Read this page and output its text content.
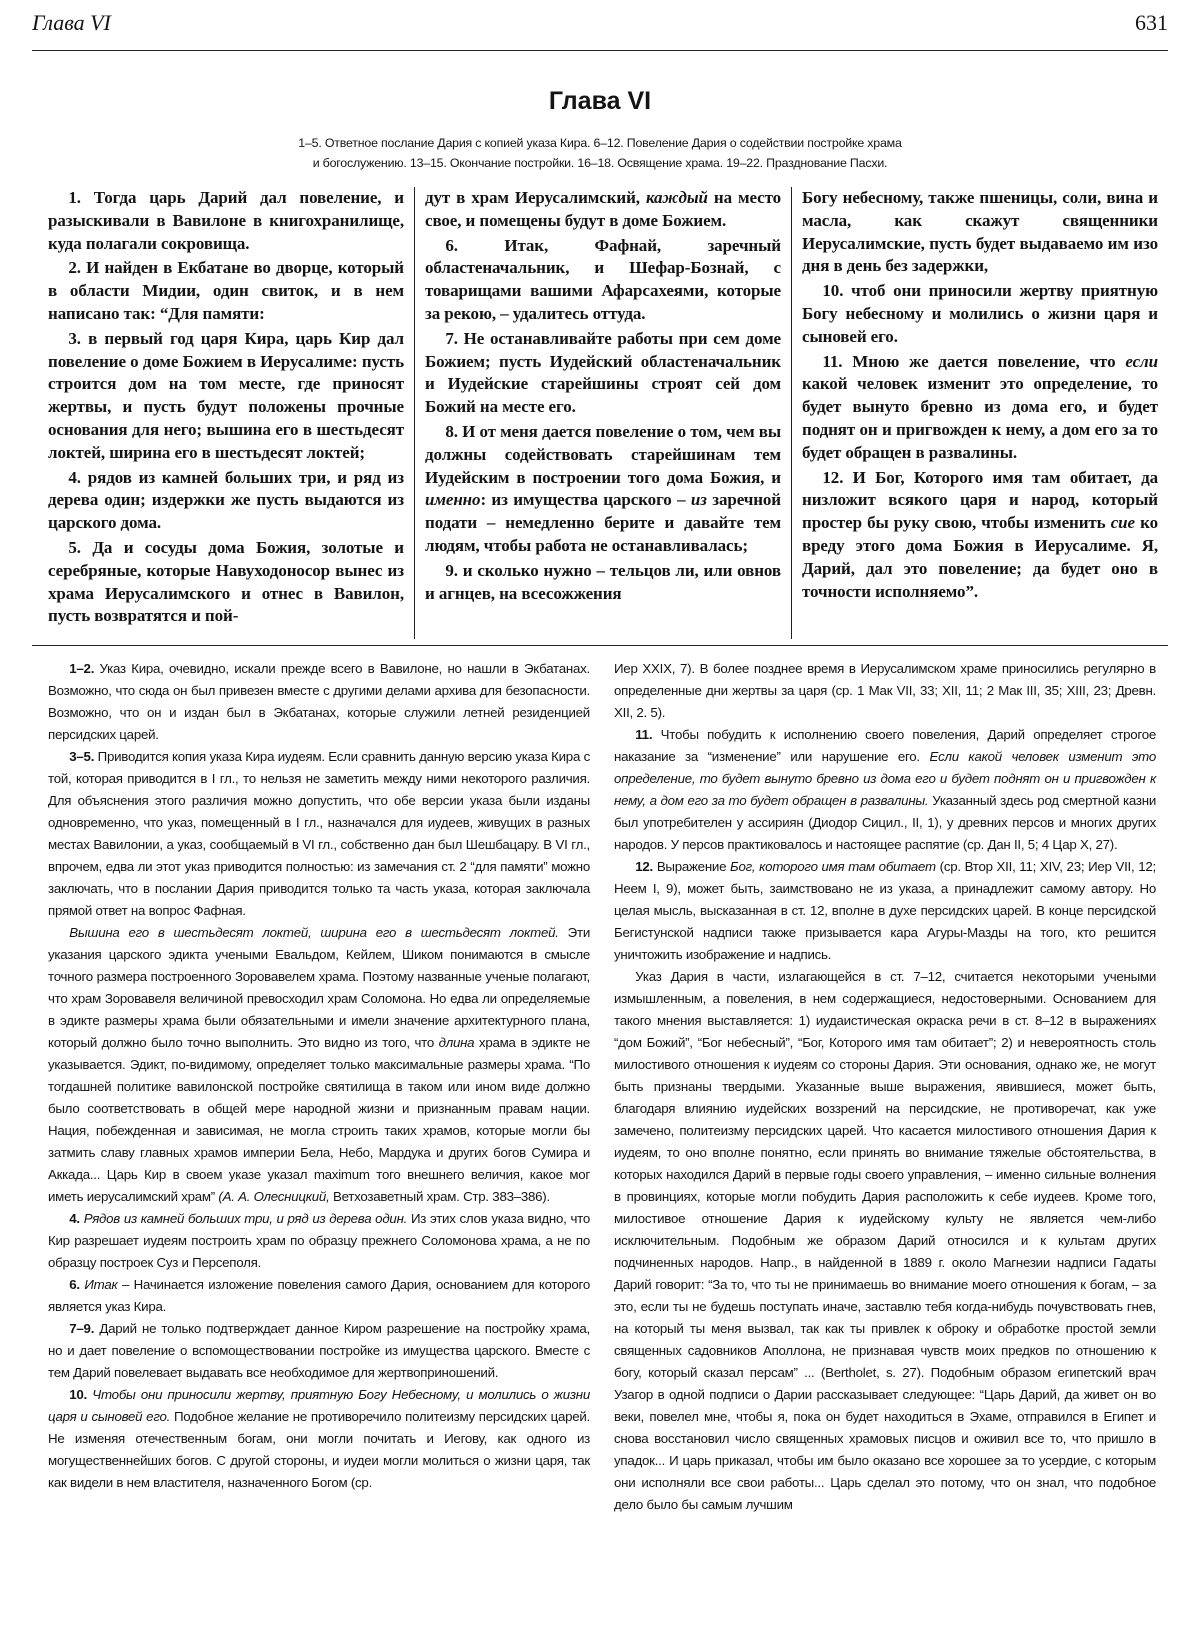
Глава VI	631
Глава VI
1–5. Ответное послание Дария с копией указа Кира. 6–12. Повеление Дария о содействии постройке храма
и богослужению. 13–15. Окончание постройки. 16–18. Освящение храма. 19–22. Празднование Пасхи.

1. Тогда царь Дарий дал повеление, и разыскивали в Вавилоне в книгохранилище, куда полагали сокровища.

2. И найден в Екбатане во дворце, который в области Мидии, один свиток, и в нем написано так: “Для памяти:

3. в первый год царя Кира, царь Кир дал повеление о доме Божием в Иерусалиме: пусть строится дом на том месте, где приносят жертвы, и пусть будут положены прочные основания для него; вышина его в шестьдесят локтей, ширина его в шестьдесят локтей;

4. рядов из камней больших три, и ряд из дерева один; издержки же пусть выдаются из царского дома.

5. Да и сосуды дома Божия, золотые и серебряные, которые Навуходоносор вынес из храма Иерусалимского и отнес в Вавилон, пусть возвратятся и пой-

дут в храм Иерусалимский, каждый на место свое, и помещены будут в доме Божием.

6. Итак, Фафнай, заречный областеначальник, и Шефар-Бознай, с товарищами вашими Афарсахеями, которые за рекою, – удалитесь оттуда.

7. Не останавливайте работы при сем доме Божием; пусть Иудейский областеначальник и Иудейские старейшины строят сей дом Божий на месте его.

8. И от меня дается повеление о том, чем вы должны содействовать старейшинам тем Иудейским в построении того дома Божия, и именно: из имущества царского – из заречной подати – немедленно берите и давайте тем людям, чтобы работа не останавливалась;

9. и сколько нужно – тельцов ли, или овнов и агнцев, на всесожжения

Богу небесному, также пшеницы, соли, вина и масла, как скажут священники Иерусалимские, пусть будет выдаваемо им изо дня в день без задержки,

10. чтоб они приносили жертву приятную Богу небесному и молились о жизни царя и сыновей его.

11. Мною же дается повеление, что если какой человек изменит это определение, то будет вынуто бревно из дома его, и будет поднят он и пригвожден к нему, а дом его за то будет обращен в развалины.

12. И Бог, Которого имя там обитает, да низложит всякого царя и народ, который простер бы руку свою, чтобы изменить сие ко вреду этого дома Божия в Иерусалиме. Я, Дарий, дал это повеление; да будет оно в точности исполняемо”.

1–2. Указ Кира, очевидно, искали прежде всего в Вавилоне, но нашли в Экбатанах. Возможно, что сюда он был привезен вместе с другими делами архива для безопасности. Возможно, что он и издан был в Экбатанах, которые служили летней резиденцией персидских царей.

3–5. Приводится копия указа Кира иудеям. Если сравнить данную версию указа Кира с той, которая приводится в I гл., то нельзя не заметить между ними некоторого различия. Для объяснения этого различия можно допустить, что обе версии указа были изданы одновременно, что указ, помещенный в I гл., назначался для иудеев, живущих в разных местах Вавилонии, а указ, сообщаемый в VI гл., собственно дан был Шешбацару. В VI гл., впрочем, едва ли этот указ приводится полностью: из замечания ст. 2 “для памяти” можно заключать, что в послании Дария приводится только та часть указа, которая заключала прямой ответ на вопрос Фафная.

Вышина его в шестьдесят локтей, ширина его в шестьдесят локтей. Эти указания царского эдикта учеными Евальдом, Кейлем, Шиком понимаются в смысле точного размера построенного Зоровавелем храма. Поэтому названные ученые полагают, что храм Зоровавеля величиной превосходил храм Соломона. Но едва ли определяемые в эдикте размеры храма были обязательными и имели значение архитектурного плана, который должно было точно выполнить. Это видно из того, что длина храма в эдикте не указывается. Эдикт, по-видимому, определяет только максимальные размеры храма. “По тогдашней политике вавилонской постройке святилища в таком или ином виде должно было соответствовать в общей мере народной жизни и признанным правам нации. Нация, побежденная и зависимая, не могла строить таких храмов, которые могли бы затмить славу главных храмов империи Бела, Небо, Мардука и других богов Сумира и Аккада... Царь Кир в своем указе указал maximum того внешнего величия, какое мог иметь иерусалимский храм” (А. А. Олесницкий, Ветхозаветный храм. Стр. 383–386).

4. Рядов из камней больших три, и ряд из дерева один. Из этих слов указа видно, что Кир разрешает иудеям построить храм по образцу прежнего Соломонова храма, а не по образцу построек Суз и Персеполя.

6. Итак – Начинается изложение повеления самого Дария, основанием для которого является указ Кира.

7–9. Дарий не только подтверждает данное Киром разрешение на постройку храма, но и дает повеление о вспомоществовании постройке из имущества царского. Вместе с тем Дарий повелевает выдавать все необходимое для жертвоприношений.

10. Чтобы они приносили жертву, приятную Богу Небесному, и молились о жизни царя и сыновей его. Подобное желание не противоречило политеизму персидских царей. Не изменяя отечественным богам, они могли почитать и Иегову, как одного из могущественнейших богов. С другой стороны, и иудеи могли молиться о жизни царя, так как видели в нем властителя, назначенного Богом (ср.

Иер XXIX, 7). В более позднее время в Иерусалимском храме приносились регулярно в определенные дни жертвы за царя (ср. 1 Мак VII, 33; XII, 11; 2 Мак III, 35; XIII, 23; Древн. XII, 2. 5).

11. Чтобы побудить к исполнению своего повеления, Дарий определяет строгое наказание за “изменение” или нарушение его. Если какой человек изменит это определение, то будет вынуто бревно из дома его и будет поднят он и пригвожден к нему, а дом его за то будет обращен в развалины. Указанный здесь род смертной казни был употребителен у ассириян (Диодор Сицил., II, 1), у древних персов и многих других народов. У персов практиковалось и настоящее распятие (ср. Дан II, 5; 4 Цар X, 27).

12. Выражение Бог, которого имя там обитает (ср. Втор XII, 11; XIV, 23; Иер VII, 12; Неем I, 9), может быть, заимствовано не из указа, а принадлежит самому автору. Но целая мысль, высказанная в ст. 12, вполне в духе персидских царей. В конце персидской Бегистунской надписи также призывается кара Агуры-Мазды на того, кто решится уничтожить изображение и надпись.

Указ Дария в части, излагающейся в ст. 7–12, считается некоторыми учеными измышленным, а повеления, в нем содержащиеся, недостоверными. Основанием для такого мнения выставляется: 1) иудаистическая окраска речи в ст. 8–12 в выражениях “дом Божий”, “Бог небесный”, “Бог, Которого имя там обитает”; 2) и невероятность столь милостивого отношения к иудеям со стороны Дария. Эти основания, однако же, не могут быть признаны твердыми. Указанные выше выражения, явившиеся, может быть, благодаря влиянию иудейских воззрений на персидские, не противоречат, как уже замечено, политеизму персидских царей. Что касается милостивого отношения Дария к иудеям, то оно вполне понятно, если принять во внимание тяжелые обстоятельства, в которых находился Дарий в первые годы своего управления, – именно сильные волнения в провинциях, которые могли побудить Дария расположить к себе иудеев. Кроме того, милостивое отношение Дария к иудейскому культу не является чем-либо исключительным. Подобным же образом Дарий относился и к культам других подчиненных народов. Напр., в найденной в 1889 г. около Магнезии надписи Гадаты Дарий говорит: “За то, что ты не принимаешь во внимание моего отношения к богам, – за это, если ты не будешь поступать иначе, заставлю тебя когда-нибудь почувствовать гнев, на который ты меня вызвал, так как ты привлек к оброку и обработке простой земли священных садовников Аполлона, не признавая чувств моих предков по отношению к богу, который сказал персам” ... (Bertholet, s. 27). Подобным образом египетский врач Узагор в одной подписи о Дарии рассказывает следующее: “Царь Дарий, да живет он во веки, повелел мне, чтобы я, пока он будет находиться в Эхаме, отправился в Египет и снова восстановил число священных храмовых писцов и оживил все то, что пришло в упадок... И царь приказал, чтобы им было оказано все хорошее за то усердие, с которым они исполняли все свои работы... Царь сделал это потому, что он знал, что подобное дело было бы самым лучшим
